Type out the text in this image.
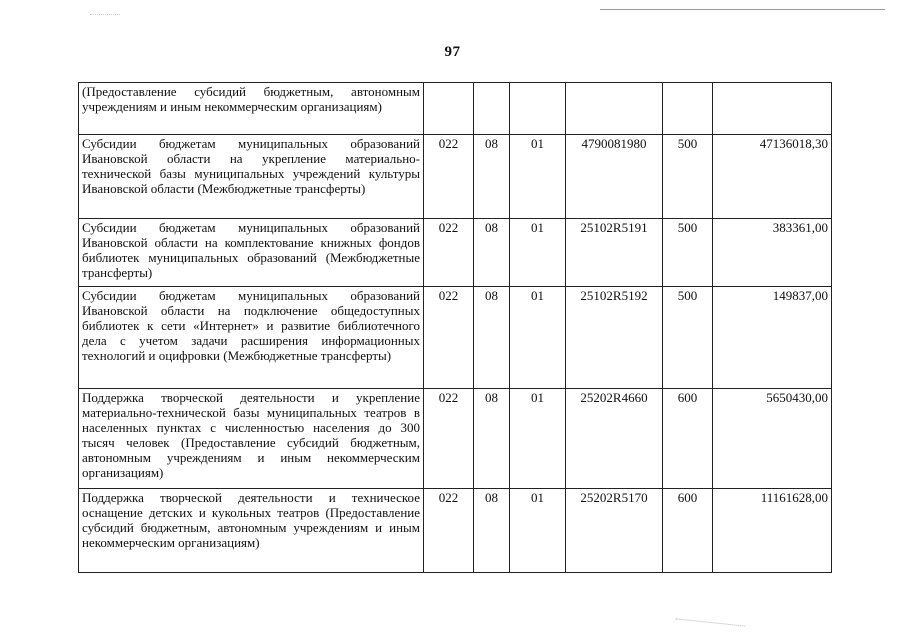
97
(Предоставление субсидий бюджетным, автономным учреждениям и иным некоммерческим организациям)						
Субсидии бюджетам муниципальных образований Ивановской области на укрепление материально-технической базы муниципальных учреждений культуры Ивановской области (Межбюджетные трансферты)	022	08	01	4790081980	500	47136018,30
Субсидии бюджетам муниципальных образований Ивановской области на комплектование книжных фондов библиотек муниципальных образований (Межбюджетные трансферты)	022	08	01	25102R5191	500	383361,00
Субсидии бюджетам муниципальных образований Ивановской области на подключение общедоступных библиотек к сети «Интернет» и развитие библиотечного дела с учетом задачи расширения информационных технологий и оцифровки (Межбюджетные трансферты)	022	08	01	25102R5192	500	149837,00
Поддержка творческой деятельности и укрепление материально-технической базы муниципальных театров в населенных пунктах с численностью населения до 300 тысяч человек (Предоставление субсидий бюджетным, автономным учреждениям и иным некоммерческим организациям)	022	08	01	25202R4660	600	5650430,00
Поддержка творческой деятельности и техническое оснащение детских и кукольных театров (Предоставление субсидий бюджетным, автономным учреждениям и иным некоммерческим организациям)	022	08	01	25202R5170	600	11161628,00
